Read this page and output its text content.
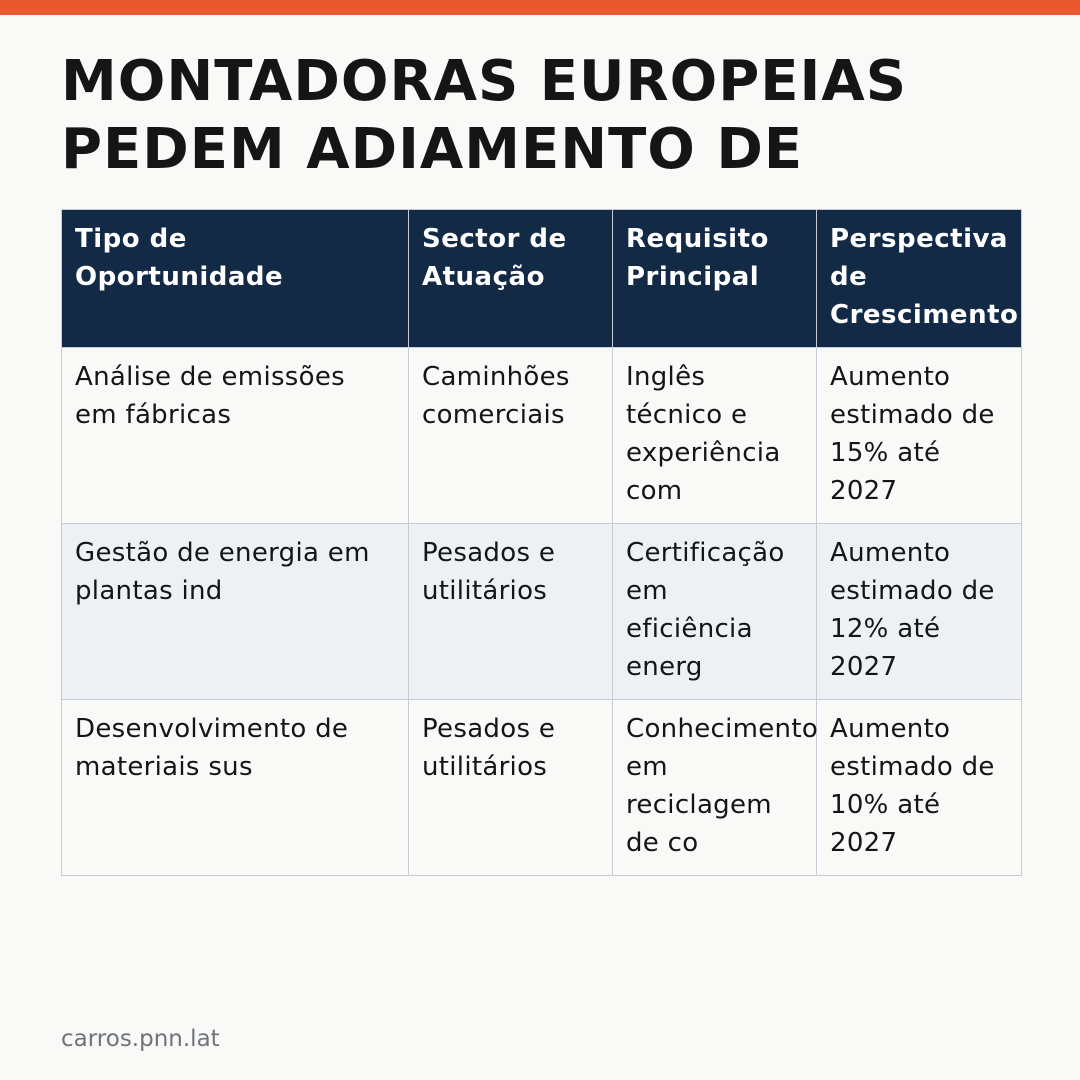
MONTADORAS EUROPEIAS PEDEM ADIAMENTO DE
Tipo de Oportunidade	Sector de Atuação	Requisito Principal	Perspectiva de Crescimento
Análise de emissões em fábricas	Caminhões comerciais	Inglês técnico e experiência com	Aumento estimado de 15% até 2027
Gestão de energia em plantas ind	Pesados e utilitários	Certificação em eficiência energ	Aumento estimado de 12% até 2027
Desenvolvimento de materiais sus	Pesados e utilitários	Conhecimento em reciclagem de co	Aumento estimado de 10% até 2027
carros.pnn.lat
